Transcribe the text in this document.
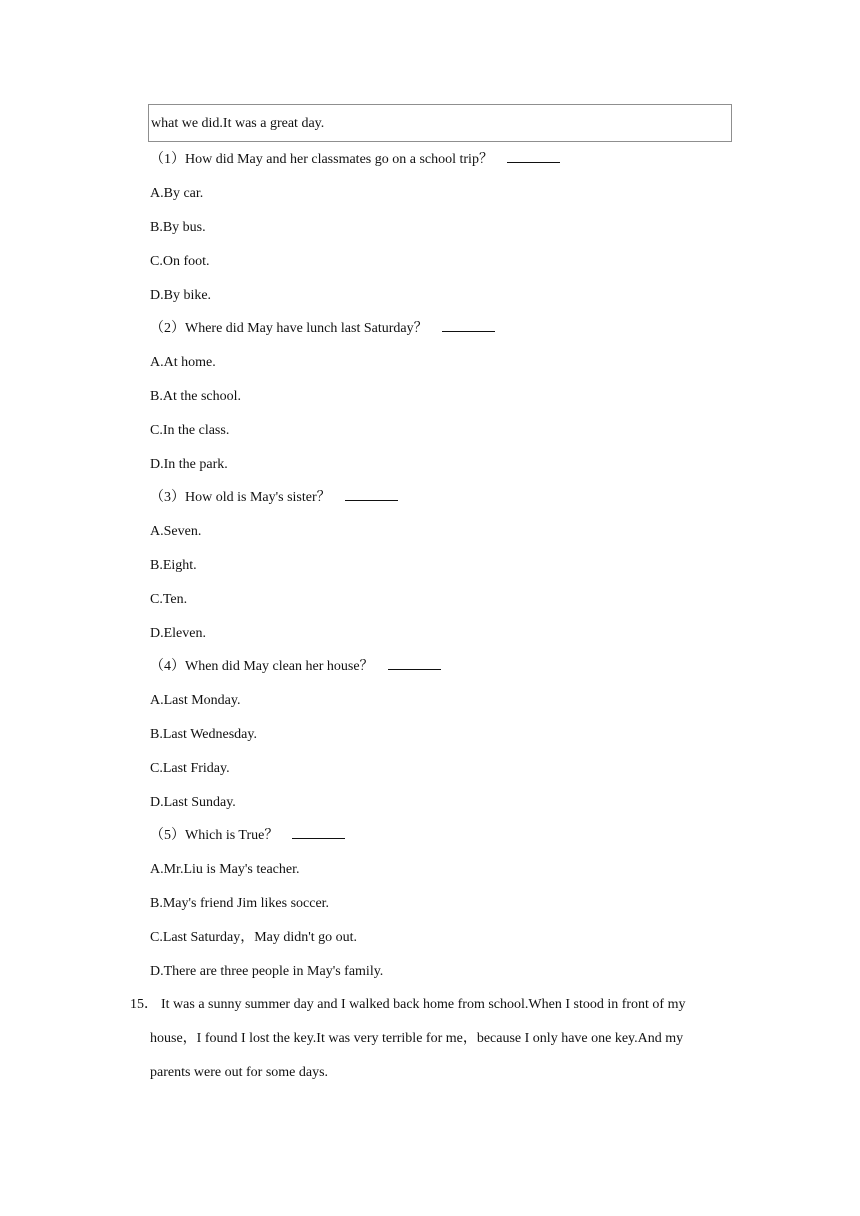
what we did.It was a great day.
（1）How did May and her classmates go on a school trip？
A.By car.
B.By bus.
C.On foot.
D.By bike.
（2）Where did May have lunch last Saturday？
A.At home.
B.At the school.
C.In the class.
D.In the park.
（3）How old is May's sister？
A.Seven.
B.Eight.
C.Ten.
D.Eleven.
（4）When did May clean her house？
A.Last Monday.
B.Last Wednesday.
C.Last Friday.
D.Last Sunday.
（5）Which is True？
A.Mr.Liu is May's teacher.
B.May's friend Jim likes soccer.
C.Last Saturday，May didn't go out.
D.There are three people in May's family.
15． It was a sunny summer day and I walked back home from school.When I stood in front of my
house，I found I lost the key.It was very terrible for me，because I only have one key.And my
parents were out for some days.
